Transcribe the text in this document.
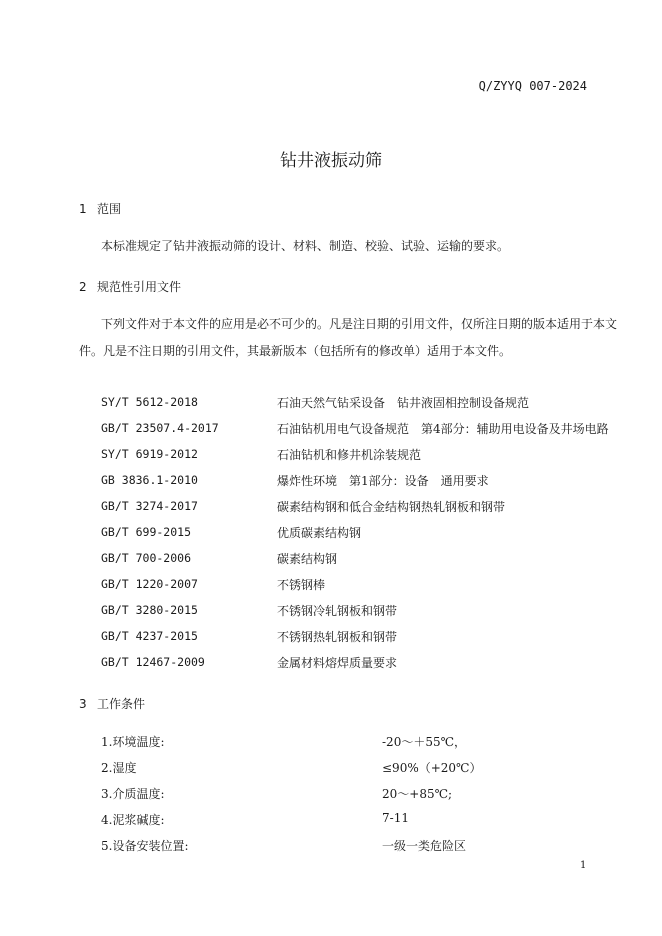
Q/ZYYQ 007-2024
钻井液振动筛
1 范围
本标准规定了钻井液振动筛的设计、材料、制造、校验、试验、运输的要求。
2 规范性引用文件
下列文件对于本文件的应用是必不可少的。凡是注日期的引用文件，仅所注日期的版本适用于本文
件。凡是不注日期的引用文件，其最新版本（包括所有的修改单）适用于本文件。
SY/T 5612-2018	石油天然气钻采设备　钻井液固相控制设备规范
GB/T 23507.4-2017	石油钻机用电气设备规范　第4部分：辅助用电设备及井场电路
SY/T 6919-2012	石油钻机和修井机涂装规范
GB 3836.1-2010	爆炸性环境　第1部分：设备　通用要求
GB/T 3274-2017	碳素结构钢和低合金结构钢热轧钢板和钢带
GB/T 699-2015	优质碳素结构钢
GB/T 700-2006	碳素结构钢
GB/T 1220-2007	不锈钢棒
GB/T 3280-2015	不锈钢冷轧钢板和钢带
GB/T 4237-2015	不锈钢热轧钢板和钢带
GB/T 12467-2009	金属材料熔焊质量要求
3 工作条件
1.环境温度:	-20～＋55℃，
2.湿度	≤90%（+20℃）
3.介质温度:	20～+85℃;
4.泥浆碱度:	7-11
5.设备安装位置:	一级一类危险区
1
